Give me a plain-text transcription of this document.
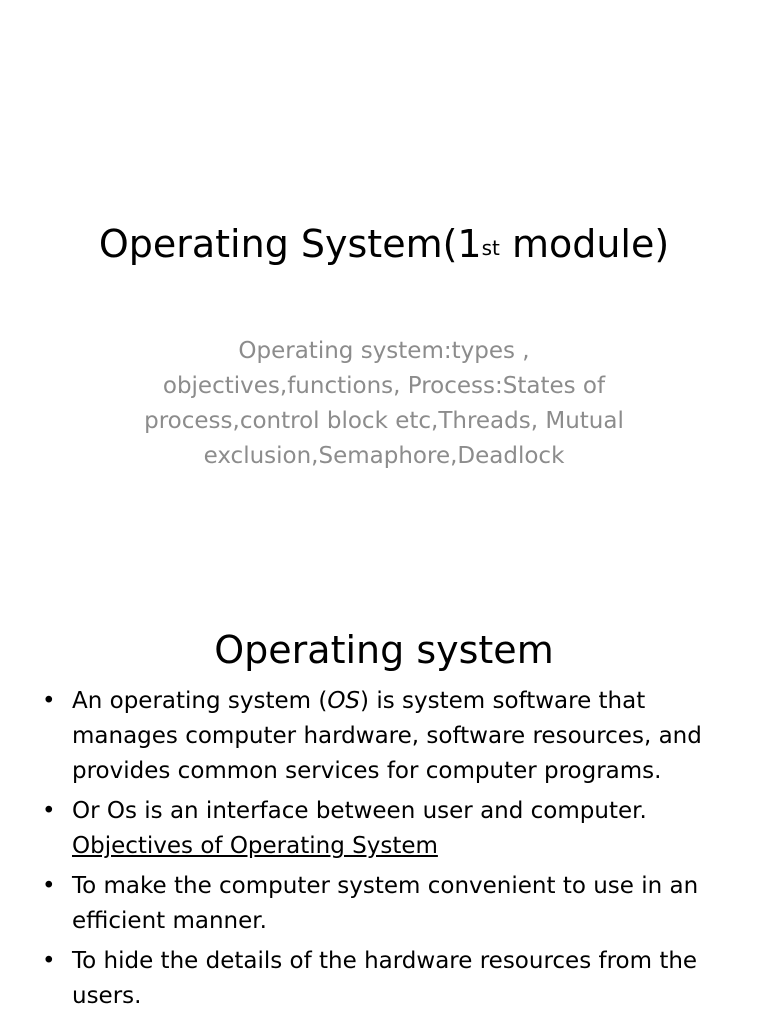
Operating System(1st module)

Operating system:types , objectives,functions, Process:States of process,control block etc,Threads, Mutual exclusion,Semaphore,Deadlock

Operating system
• An operating system (OS) is system software that manages computer hardware, software resources, and provides common services for computer programs.
• Or Os is an interface between user and computer.
Objectives of Operating System
• To make the computer system convenient to use in an efficient manner.
• To hide the details of the hardware resources from the users.
